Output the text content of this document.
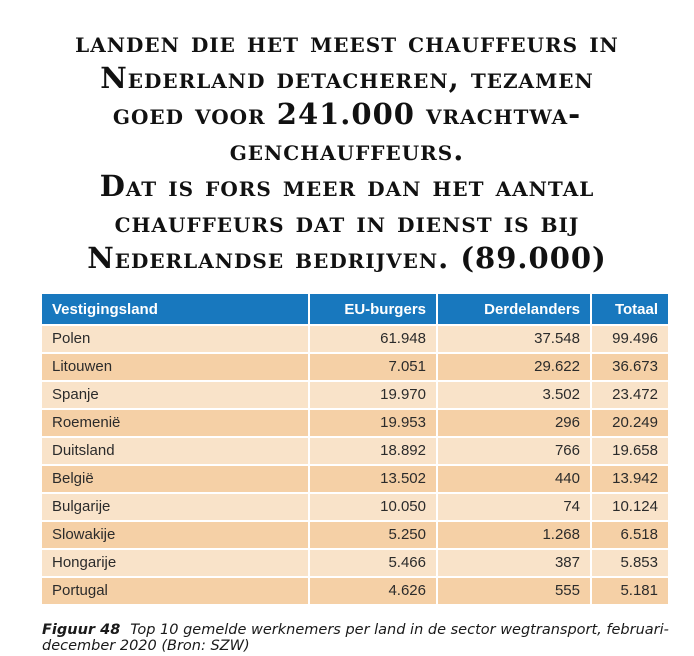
landen die het meest chauffeurs in
Nederland detacheren, tezamen
goed voor 241.000 vrachtwa-
genchauffeurs.
Dat is fors meer dan het aantal
chauffeurs dat in dienst is bij
Nederlandse bedrijven. (89.000)
Vestigingsland	EU-burgers	Derdelanders	Totaal
Polen	61.948	37.548	99.496
Litouwen	7.051	29.622	36.673
Spanje	19.970	3.502	23.472
Roemenië	19.953	296	20.249
Duitsland	18.892	766	19.658
België	13.502	440	13.942
Bulgarije	10.050	74	10.124
Slowakije	5.250	1.268	6.518
Hongarije	5.466	387	5.853
Portugal	4.626	555	5.181
Figuur 48 Top 10 gemelde werknemers per land in de sector wegtransport, februari-december 2020 (Bron: SZW)
